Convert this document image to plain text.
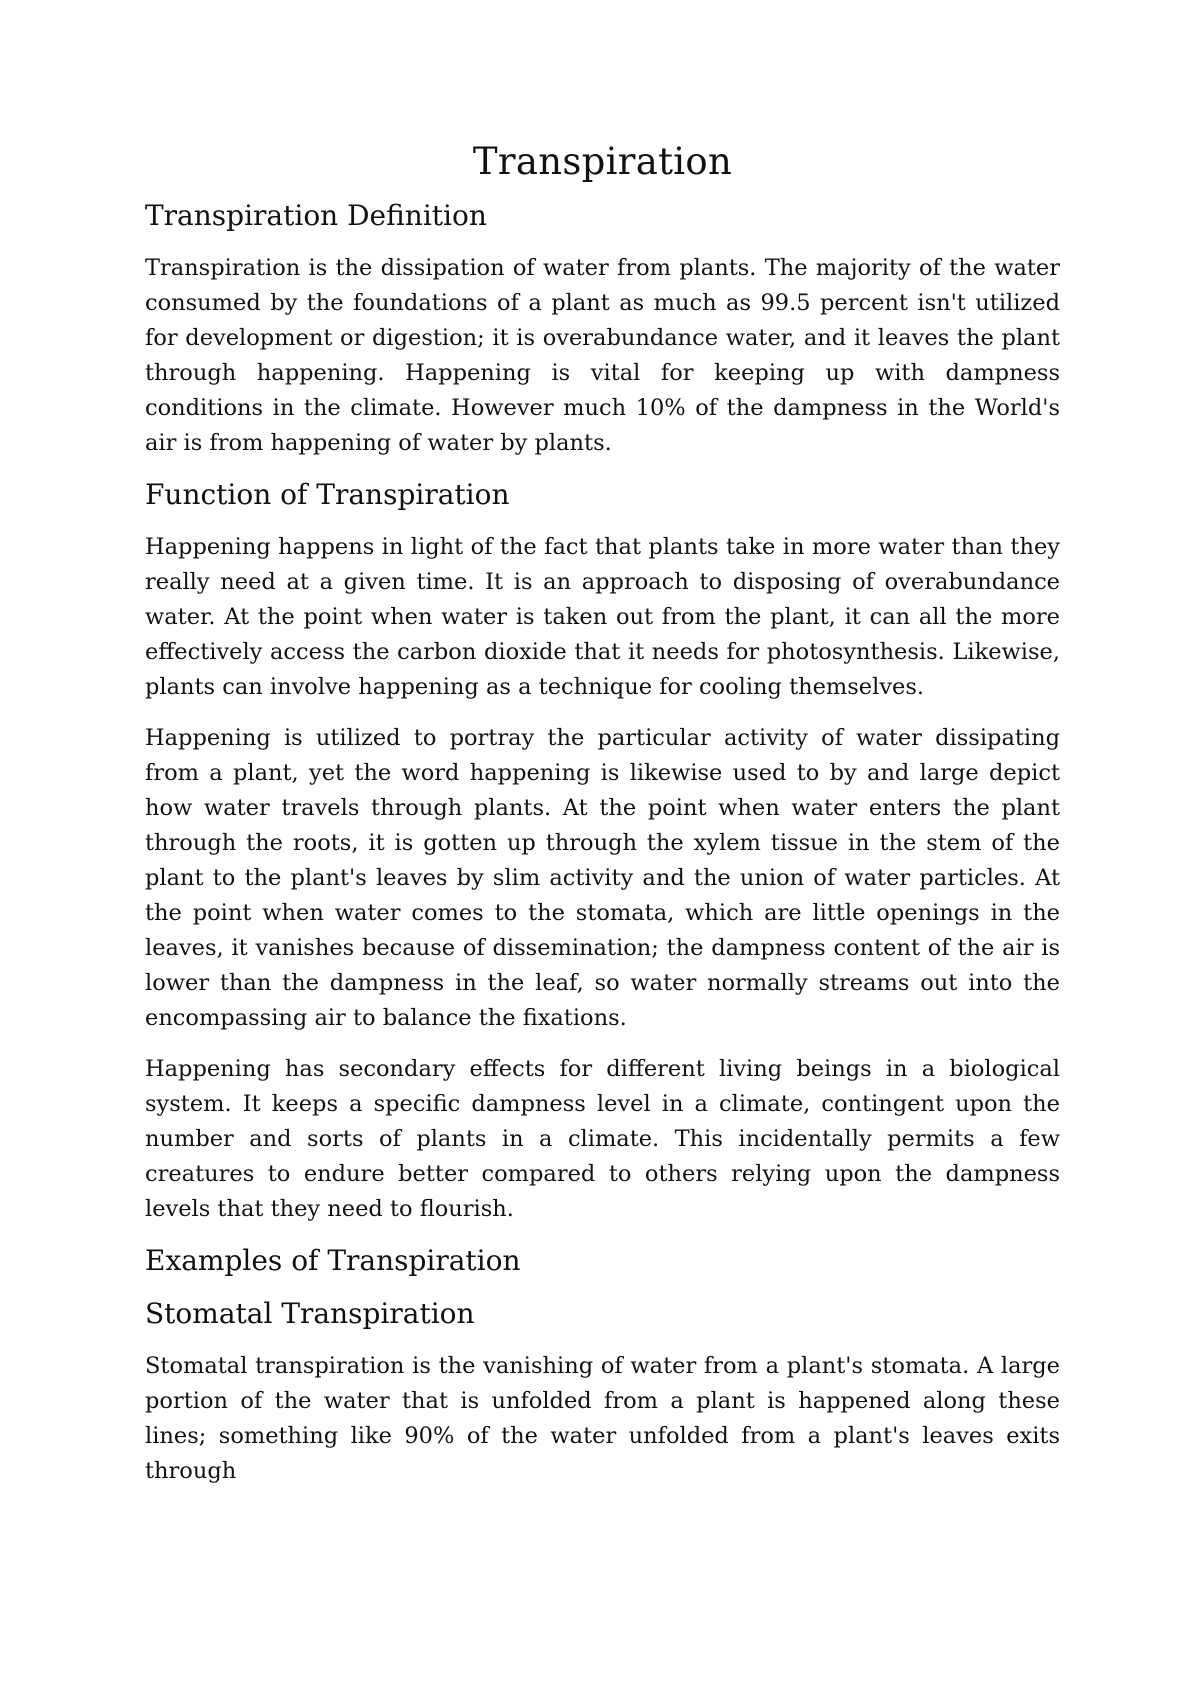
Transpiration
Transpiration Definition

Transpiration is the dissipation of water from plants. The majority of the water consumed by the foundations of a plant as much as 99.5 percent isn't utilized for development or digestion; it is overabundance water, and it leaves the plant through happening. Happening is vital for keeping up with dampness conditions in the climate. However much 10% of the dampness in the World's air is from happening of water by plants.

Function of Transpiration

Happening happens in light of the fact that plants take in more water than they really need at a given time. It is an approach to disposing of overabundance water. At the point when water is taken out from the plant, it can all the more effectively access the carbon dioxide that it needs for photosynthesis. Likewise, plants can involve happening as a technique for cooling themselves.

Happening is utilized to portray the particular activity of water dissipating from a plant, yet the word happening is likewise used to by and large depict how water travels through plants. At the point when water enters the plant through the roots, it is gotten up through the xylem tissue in the stem of the plant to the plant's leaves by slim activity and the union of water particles. At the point when water comes to the stomata, which are little openings in the leaves, it vanishes because of dissemination; the dampness content of the air is lower than the dampness in the leaf, so water normally streams out into the encompassing air to balance the fixations.

Happening has secondary effects for different living beings in a biological system. It keeps a specific dampness level in a climate, contingent upon the number and sorts of plants in a climate. This incidentally permits a few creatures to endure better compared to others relying upon the dampness levels that they need to flourish.

Examples of Transpiration
Stomatal Transpiration

Stomatal transpiration is the vanishing of water from a plant's stomata. A large portion of the water that is unfolded from a plant is happened along these lines; something like 90% of the water unfolded from a plant's leaves exits through
